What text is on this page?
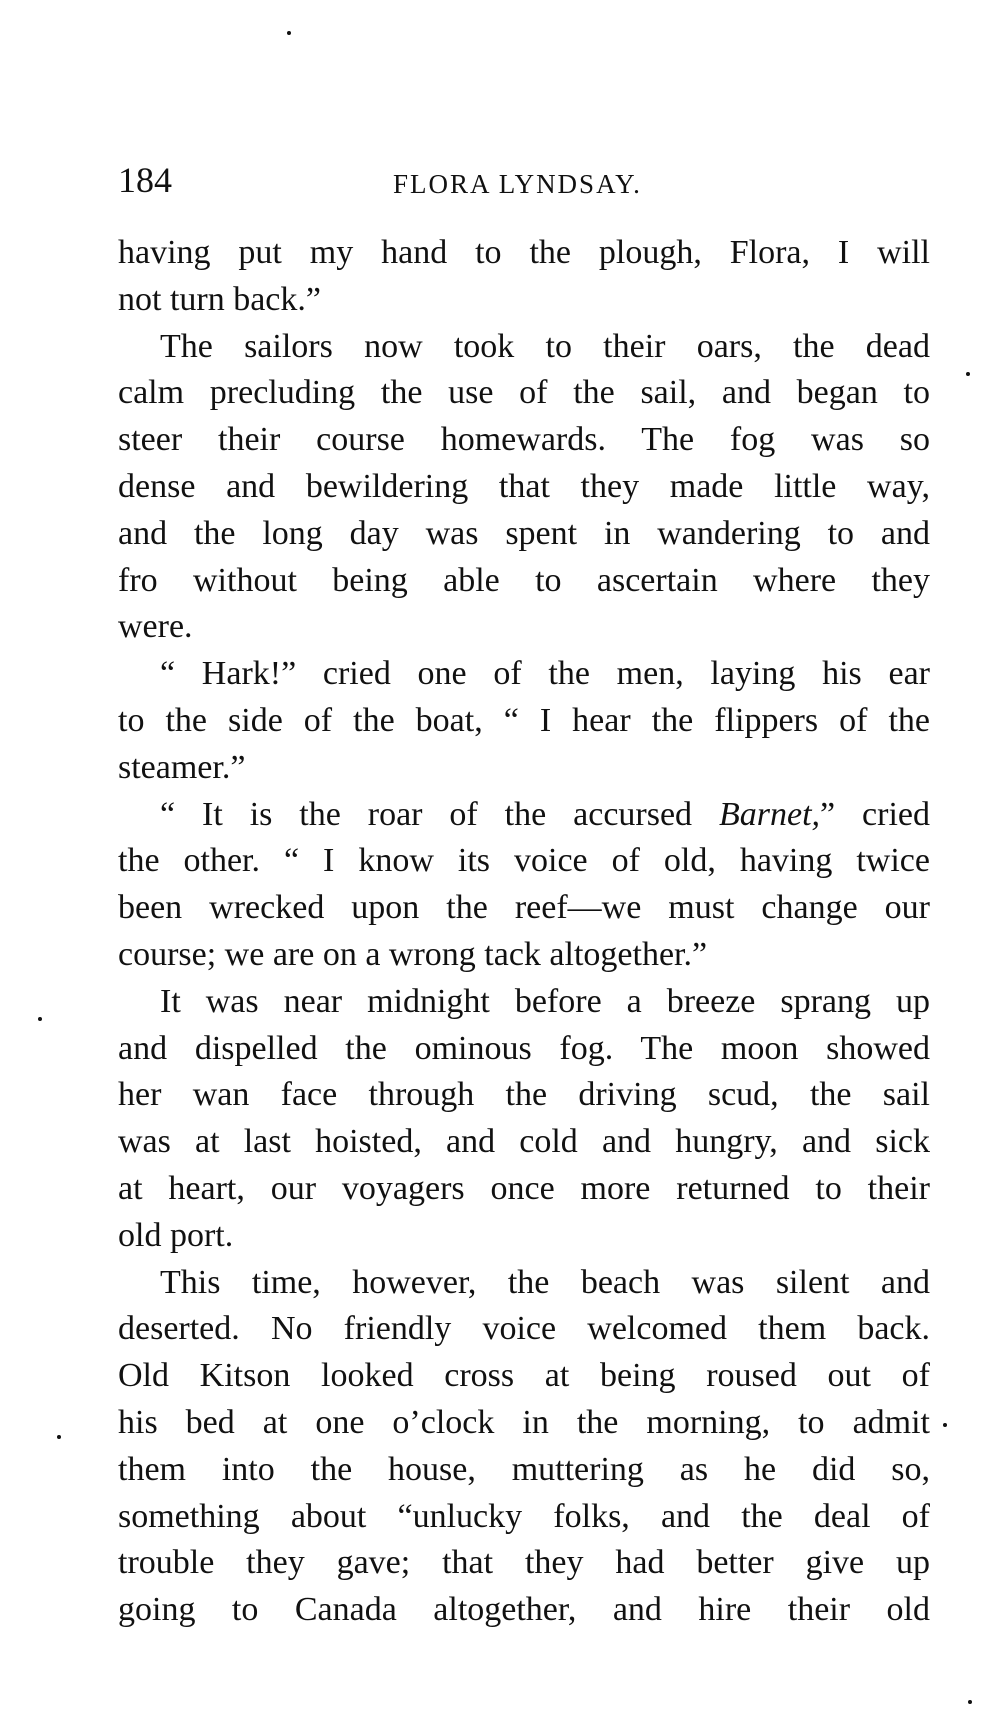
184	FLORA LYNDSAY.
having put my hand to the plough, Flora, I will
not turn back.”
The sailors now took to their oars, the dead
calm precluding the use of the sail, and began to
steer their course homewards. The fog was so
dense and bewildering that they made little way,
and the long day was spent in wandering to and
fro without being able to ascertain where they
were.
“ Hark!” cried one of the men, laying his ear
to the side of the boat, “ I hear the flippers of the
steamer.”
“ It is the roar of the accursed Barnet,” cried
the other. “ I know its voice of old, having twice
been wrecked upon the reef—we must change our
course; we are on a wrong tack altogether.”
It was near midnight before a breeze sprang up
and dispelled the ominous fog. The moon showed
her wan face through the driving scud, the sail
was at last hoisted, and cold and hungry, and sick
at heart, our voyagers once more returned to their
old port.
This time, however, the beach was silent and
deserted. No friendly voice welcomed them back.
Old Kitson looked cross at being roused out of
his bed at one o’clock in the morning, to admit
them into the house, muttering as he did so,
something about “unlucky folks, and the deal of
trouble they gave; that they had better give up
going to Canada altogether, and hire their old
